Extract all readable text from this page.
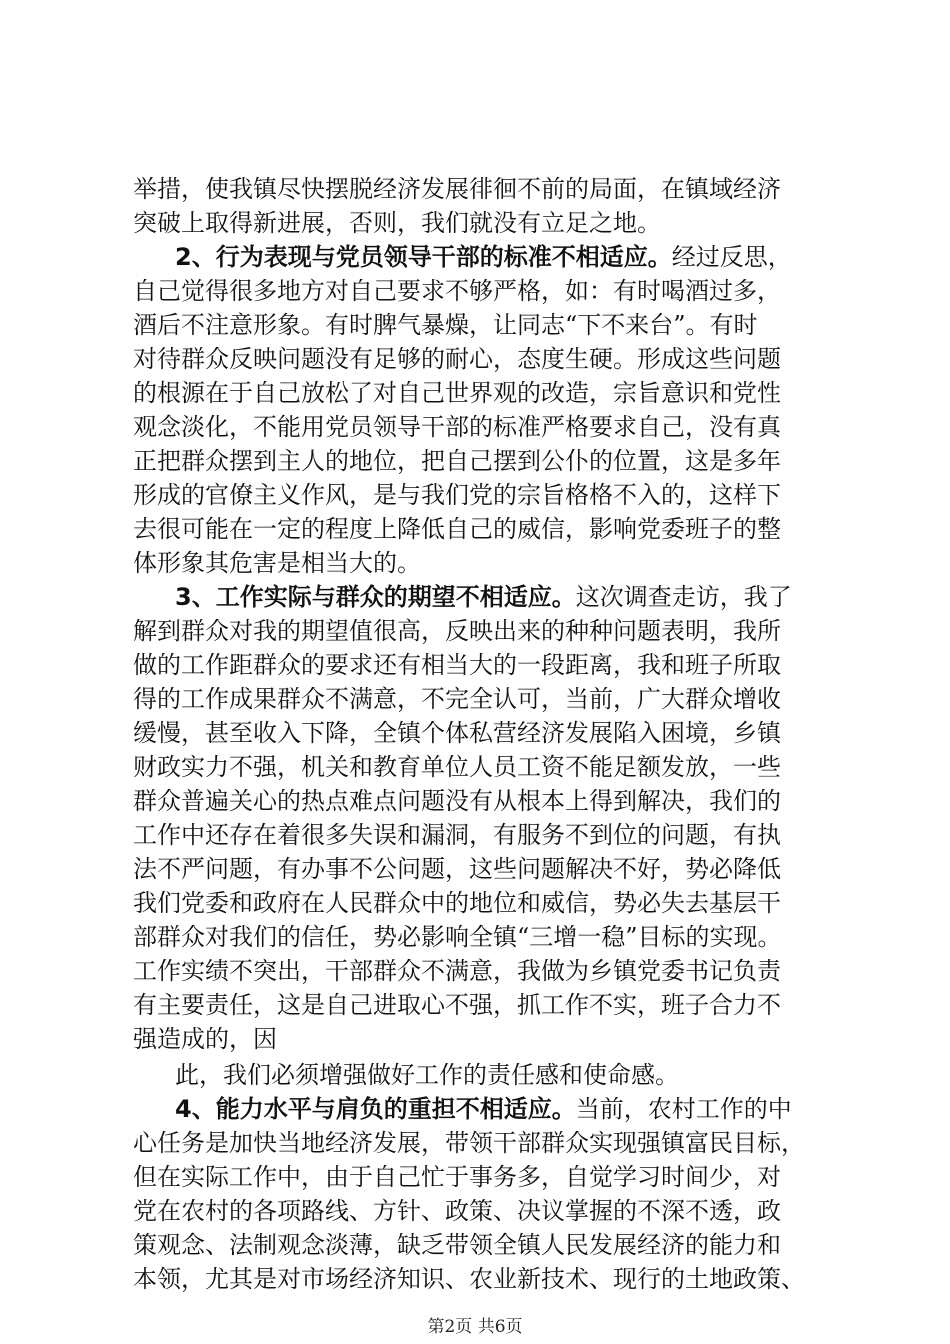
举措，使我镇尽快摆脱经济发展徘徊不前的局面，在镇域经济
突破上取得新进展，否则，我们就没有立足之地。
2、行为表现与党员领导干部的标准不相适应。经过反思，
自己觉得很多地方对自己要求不够严格，如：有时喝酒过多，
酒后不注意形象。有时脾气暴燥，让同志“下不来台”。有时
对待群众反映问题没有足够的耐心，态度生硬。形成这些问题
的根源在于自己放松了对自己世界观的改造，宗旨意识和党性
观念淡化，不能用党员领导干部的标准严格要求自己，没有真
正把群众摆到主人的地位，把自己摆到公仆的位置，这是多年
形成的官僚主义作风，是与我们党的宗旨格格不入的，这样下
去很可能在一定的程度上降低自己的威信，影响党委班子的整
体形象其危害是相当大的。
3、工作实际与群众的期望不相适应。这次调查走访，我了
解到群众对我的期望值很高，反映出来的种种问题表明，我所
做的工作距群众的要求还有相当大的一段距离，我和班子所取
得的工作成果群众不满意，不完全认可，当前，广大群众增收
缓慢，甚至收入下降，全镇个体私营经济发展陷入困境，乡镇
财政实力不强，机关和教育单位人员工资不能足额发放，一些
群众普遍关心的热点难点问题没有从根本上得到解决，我们的
工作中还存在着很多失误和漏洞，有服务不到位的问题，有执
法不严问题，有办事不公问题，这些问题解决不好，势必降低
我们党委和政府在人民群众中的地位和威信，势必失去基层干
部群众对我们的信任，势必影响全镇“三增一稳”目标的实现。
工作实绩不突出，干部群众不满意，我做为乡镇党委书记负责
有主要责任，这是自己进取心不强，抓工作不实，班子合力不
强造成的，因
此，我们必须增强做好工作的责任感和使命感。
4、能力水平与肩负的重担不相适应。当前，农村工作的中
心任务是加快当地经济发展，带领干部群众实现强镇富民目标，
但在实际工作中，由于自己忙于事务多，自觉学习时间少，对
党在农村的各项路线、方针、政策、决议掌握的不深不透，政
策观念、法制观念淡薄，缺乏带领全镇人民发展经济的能力和
本领，尤其是对市场经济知识、农业新技术、现行的土地政策、
第2页 共6页
